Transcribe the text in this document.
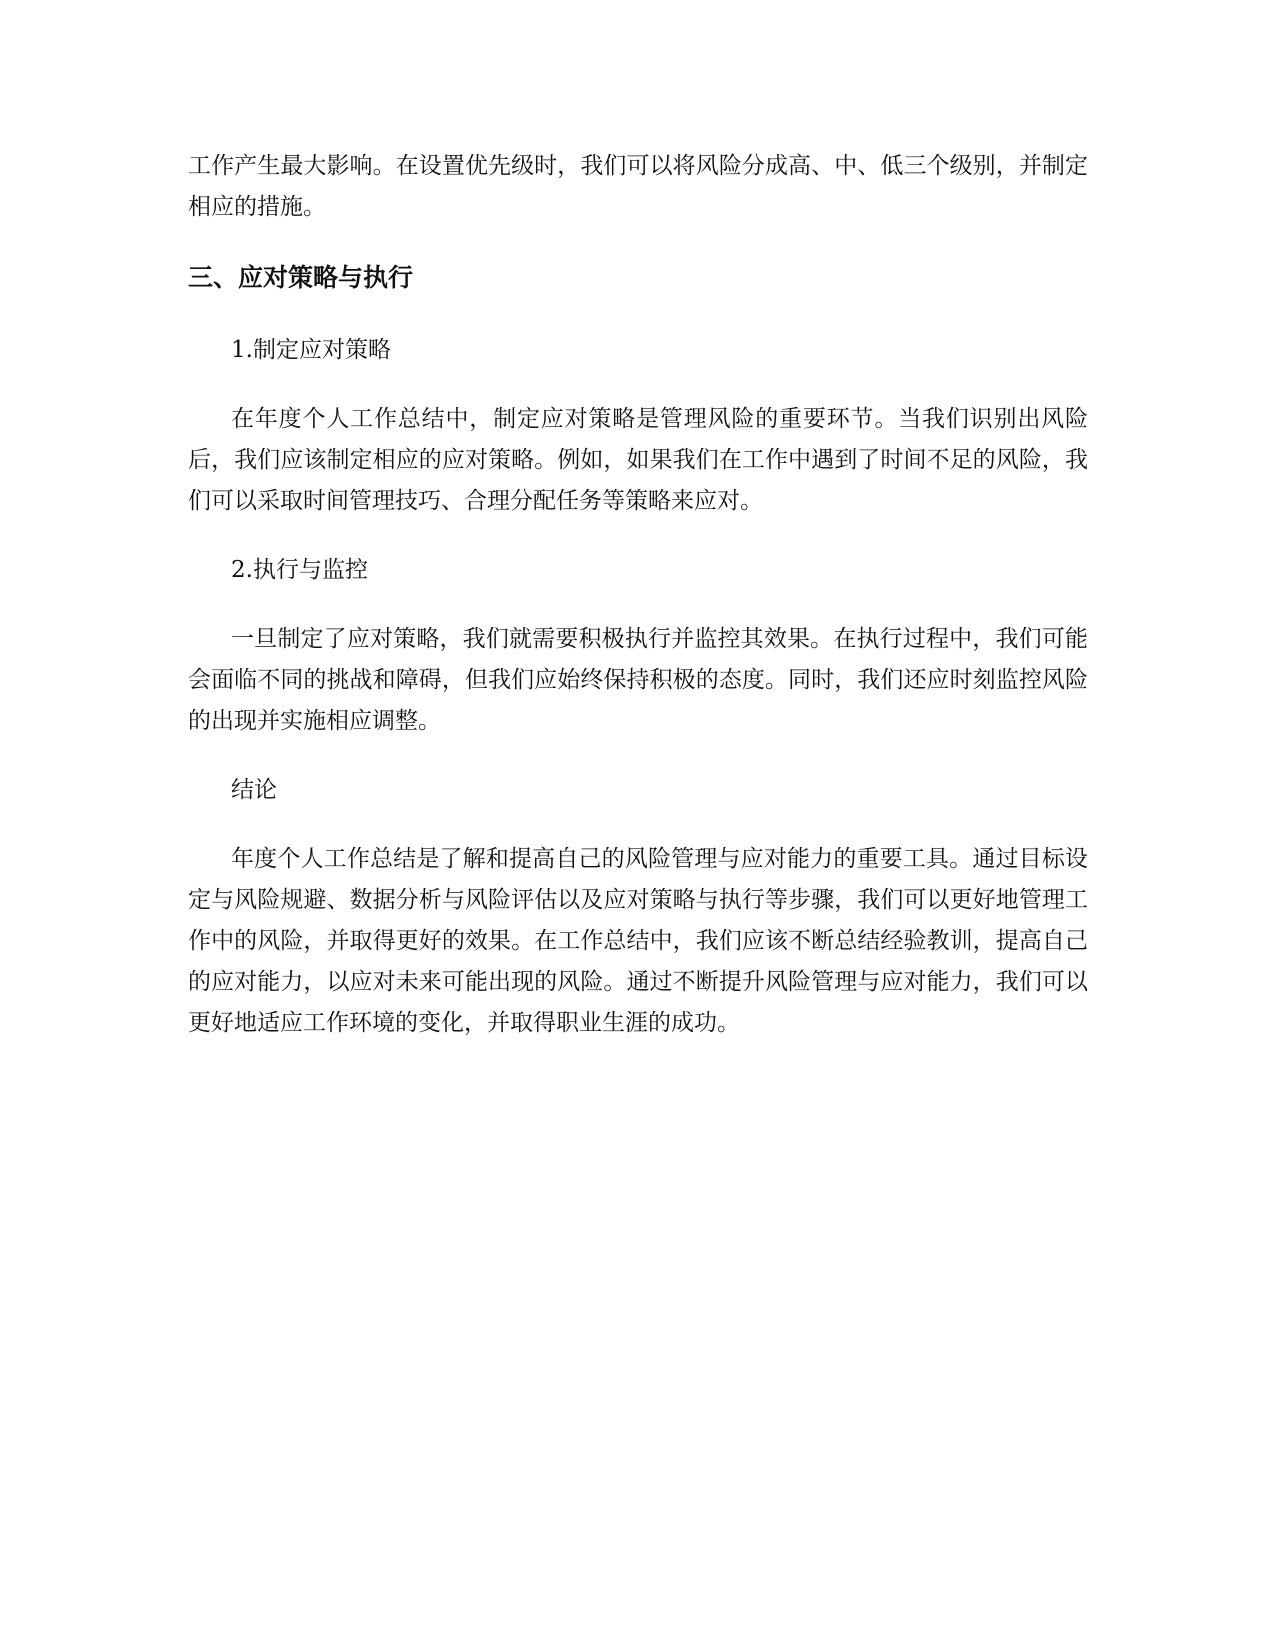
工作产生最大影响。在设置优先级时，我们可以将风险分成高、中、低三个级别，并制定相应的措施。

三、应对策略与执行

1.制定应对策略

在年度个人工作总结中，制定应对策略是管理风险的重要环节。当我们识别出风险后，我们应该制定相应的应对策略。例如，如果我们在工作中遇到了时间不足的风险，我们可以采取时间管理技巧、合理分配任务等策略来应对。

2.执行与监控

一旦制定了应对策略，我们就需要积极执行并监控其效果。在执行过程中，我们可能会面临不同的挑战和障碍，但我们应始终保持积极的态度。同时，我们还应时刻监控风险的出现并实施相应调整。

结论

年度个人工作总结是了解和提高自己的风险管理与应对能力的重要工具。通过目标设定与风险规避、数据分析与风险评估以及应对策略与执行等步骤，我们可以更好地管理工作中的风险，并取得更好的效果。在工作总结中，我们应该不断总结经验教训，提高自己的应对能力，以应对未来可能出现的风险。通过不断提升风险管理与应对能力，我们可以更好地适应工作环境的变化，并取得职业生涯的成功。
